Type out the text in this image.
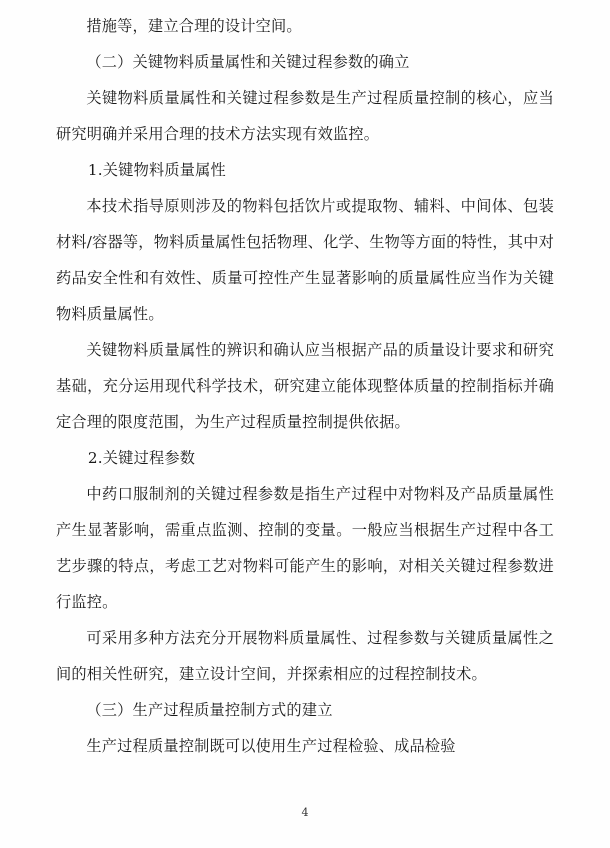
措施等，建立合理的设计空间。

（二）关键物料质量属性和关键过程参数的确立

关键物料质量属性和关键过程参数是生产过程质量控制的核心，应当研究明确并采用合理的技术方法实现有效监控。

1.关键物料质量属性

本技术指导原则涉及的物料包括饮片或提取物、辅料、中间体、包装材料/容器等，物料质量属性包括物理、化学、生物等方面的特性，其中对药品安全性和有效性、质量可控性产生显著影响的质量属性应当作为关键物料质量属性。

关键物料质量属性的辨识和确认应当根据产品的质量设计要求和研究基础，充分运用现代科学技术，研究建立能体现整体质量的控制指标并确定合理的限度范围，为生产过程质量控制提供依据。

2.关键过程参数

中药口服制剂的关键过程参数是指生产过程中对物料及产品质量属性产生显著影响，需重点监测、控制的变量。一般应当根据生产过程中各工艺步骤的特点，考虑工艺对物料可能产生的影响，对相关关键过程参数进行监控。

可采用多种方法充分开展物料质量属性、过程参数与关键质量属性之间的相关性研究，建立设计空间，并探索相应的过程控制技术。

（三）生产过程质量控制方式的建立

生产过程质量控制既可以使用生产过程检验、成品检验

4
